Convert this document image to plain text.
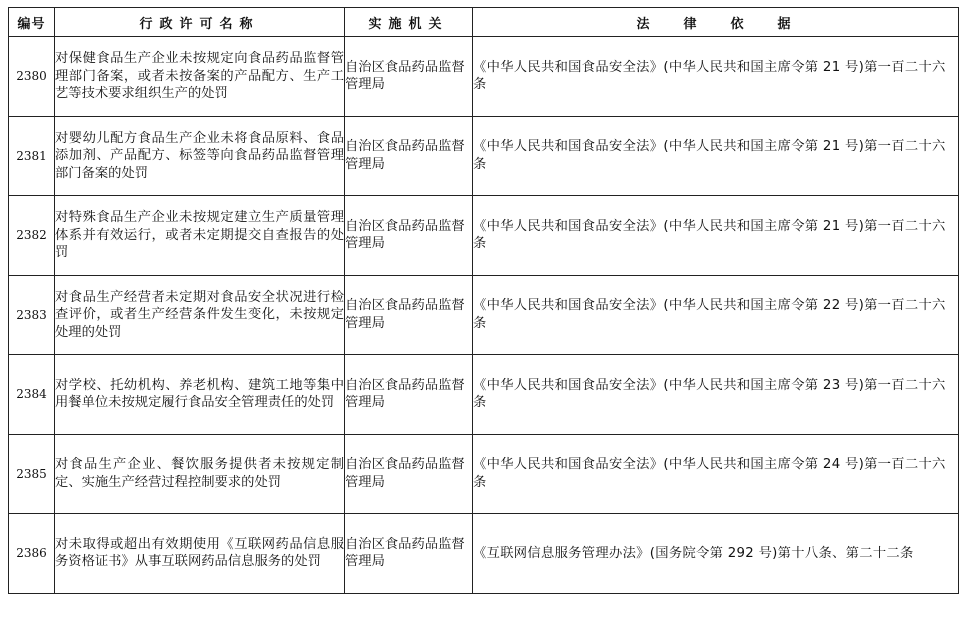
编号	行政许可名称	实施机关	法律依据
2380	对保健食品生产企业未按规定向食品药品监督管理部门备案，或者未按备案的产品配方、生产工艺等技术要求组织生产的处罚	自治区食品药品监督管理局	《中华人民共和国食品安全法》(中华人民共和国主席令第 21 号)第一百二十六条
2381	对婴幼儿配方食品生产企业未将食品原料、食品添加剂、产品配方、标签等向食品药品监督管理部门备案的处罚	自治区食品药品监督管理局	《中华人民共和国食品安全法》(中华人民共和国主席令第 21 号)第一百二十六条
2382	对特殊食品生产企业未按规定建立生产质量管理体系并有效运行，或者未定期提交自查报告的处罚	自治区食品药品监督管理局	《中华人民共和国食品安全法》(中华人民共和国主席令第 21 号)第一百二十六条
2383	对食品生产经营者未定期对食品安全状况进行检查评价，或者生产经营条件发生变化，未按规定处理的处罚	自治区食品药品监督管理局	《中华人民共和国食品安全法》(中华人民共和国主席令第 22 号)第一百二十六条
2384	对学校、托幼机构、养老机构、建筑工地等集中用餐单位未按规定履行食品安全管理责任的处罚	自治区食品药品监督管理局	《中华人民共和国食品安全法》(中华人民共和国主席令第 23 号)第一百二十六条
2385	对食品生产企业、餐饮服务提供者未按规定制定、实施生产经营过程控制要求的处罚	自治区食品药品监督管理局	《中华人民共和国食品安全法》(中华人民共和国主席令第 24 号)第一百二十六条
2386	对未取得或超出有效期使用《互联网药品信息服务资格证书》从事互联网药品信息服务的处罚	自治区食品药品监督管理局	《互联网信息服务管理办法》(国务院令第 292 号)第十八条、第二十二条
